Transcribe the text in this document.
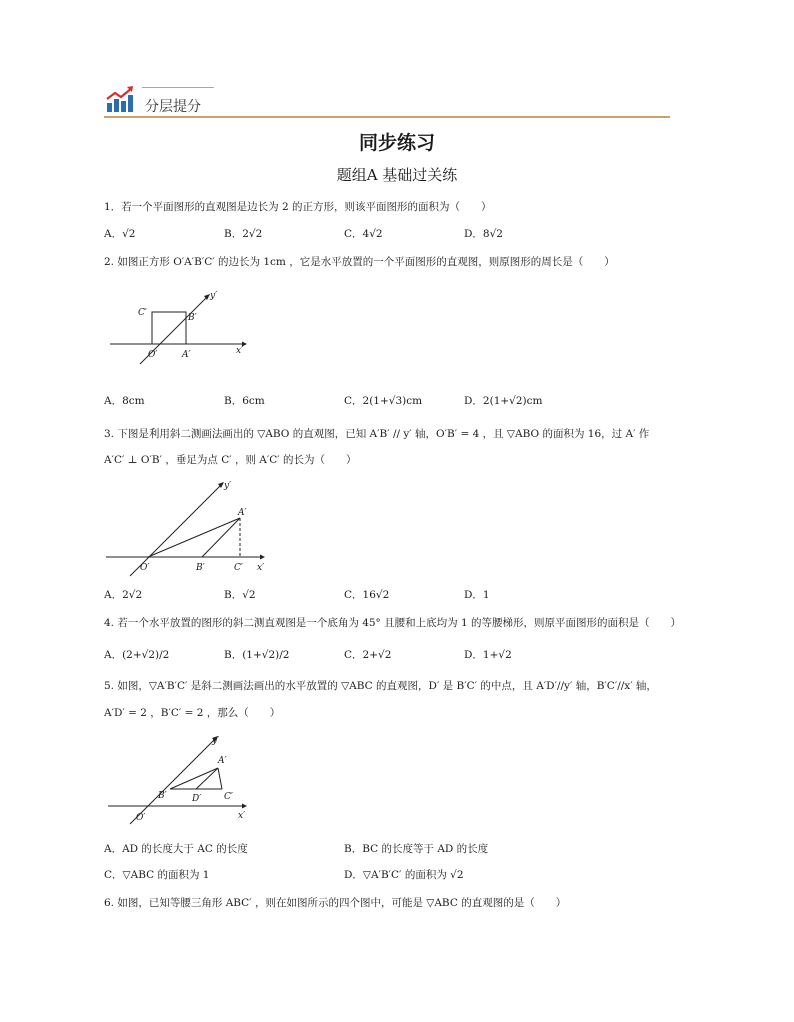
分层提分
同步练习
题组A 基础过关练
1．若一个平面图形的直观图是边长为 2 的正方形，则该平面图形的面积为（　　）
A．√2	B．2√2	C．4√2	D．8√2
2. 如图正方形 O′A′B′C′ 的边长为 1cm ，它是水平放置的一个平面图形的直观图，则原图形的周长是（　　）
y′
C′	B′
O′	A′	x′
A．8cm	B．6cm	C．2(1+√3)cm	D．2(1+√2)cm
3. 下图是利用斜二测画法画出的 ▽ABO 的直观图，已知 A′B′ // y′ 轴，O′B′ = 4 ，且 ▽ABO 的面积为 16，过 A′ 作
A′C′ ⊥ O′B′ ，垂足为点 C′ ，则 A′C′ 的长为（　　）
y′
A′
O′	B′	C′ x′
A．2√2	B．√2	C．16√2	D．1
4. 若一个水平放置的图形的斜二测直观图是一个底角为 45° 且腰和上底均为 1 的等腰梯形，则原平面图形的面积是（　　）
A．(2+√2)/2	B．(1+√2)/2	C．2+√2	D．1+√2
5. 如图，▽A′B′C′ 是斜二测画法画出的水平放置的 ▽ABC 的直观图，D′ 是 B′C′ 的中点，且 A′D′//y′ 轴，B′C′//x′ 轴，
A′D′ = 2 ，B′C′ = 2 ，那么（　　）
y′
A′
B′	D′	C′
O′	x′
A．AD 的长度大于 AC 的长度	B．BC 的长度等于 AD 的长度
C．▽ABC 的面积为 1	D．▽A′B′C′ 的面积为 √2
6. 如图，已知等腰三角形 ABC′ ，则在如图所示的四个图中，可能是 ▽ABC 的直观图的是（　　）
